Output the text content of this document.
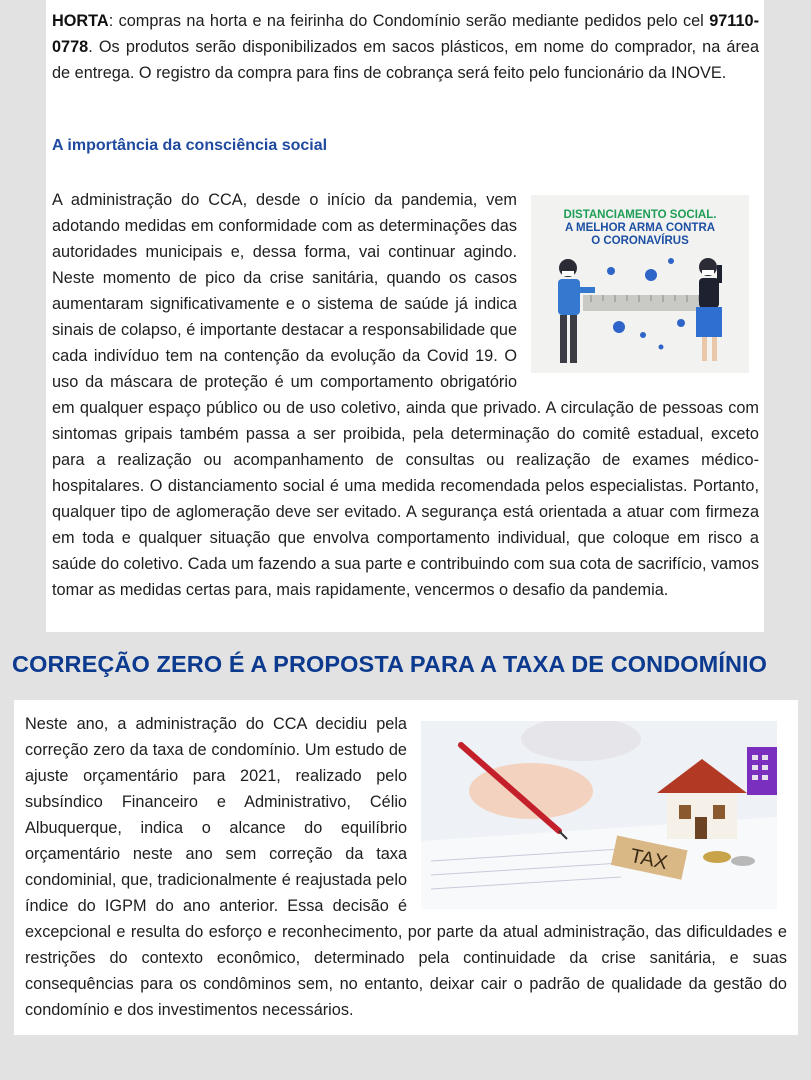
HORTA: compras na horta e na feirinha do Condomínio serão mediante pedidos pelo cel 97110-0778. Os produtos serão disponibilizados em sacos plásticos, em nome do comprador, na área de entrega. O registro da compra para fins de cobrança será feito pelo funcionário da INOVE.

A importância da consciência social

A administração do CCA, desde o início da pandemia, vem adotando medidas em conformidade com as determinações das autoridades municipais e, dessa forma, vai continuar agindo. Neste momento de pico da crise sanitária, quando os casos aumentaram significativamente e o sistema de saúde já indica sinais de colapso, é importante destacar a responsabilidade que cada indivíduo tem na contenção da evolução da Covid 19. O uso da máscara de proteção é um comportamento obrigatório em qualquer espaço público ou de uso coletivo, ainda que privado. A circulação de pessoas com sintomas gripais também passa a ser proibida, pela determinação do comitê estadual, exceto para a realização ou acompanhamento de consultas ou realização de exames médico-hospitalares. O distanciamento social é uma medida recomendada pelos especialistas. Portanto, qualquer tipo de aglomeração deve ser evitado. A segurança está orientada a atuar com firmeza em toda e qualquer situação que envolva comportamento individual, que coloque em risco a saúde do coletivo. Cada um fazendo a sua parte e contribuindo com sua cota de sacrifício, vamos tomar as medidas certas para, mais rapidamente, vencermos o desafio da pandemia.

DISTANCIAMENTO SOCIAL.
A MELHOR ARMA CONTRA
O CORONAVÍRUS
CORREÇÃO ZERO É A PROPOSTA PARA A TAXA DE CONDOMÍNIO

Neste ano, a administração do CCA decidiu pela correção zero da taxa de condomínio. Um estudo de ajuste orçamentário para 2021, realizado pelo subsíndico Financeiro e Administrativo, Célio Albuquerque, indica o alcance do equilíbrio orçamentário neste ano sem correção da taxa condominial, que, tradicionalmente é reajustada pelo índice do IGPM do ano anterior. Essa decisão é excepcional e resulta do esforço e reconhecimento, por parte da atual administração, das dificuldades e restrições do contexto econômico, determinado pela continuidade da crise sanitária, e suas consequências para os condôminos sem, no entanto, deixar cair o padrão de qualidade da gestão do condomínio e dos investimentos necessários.

TAX
